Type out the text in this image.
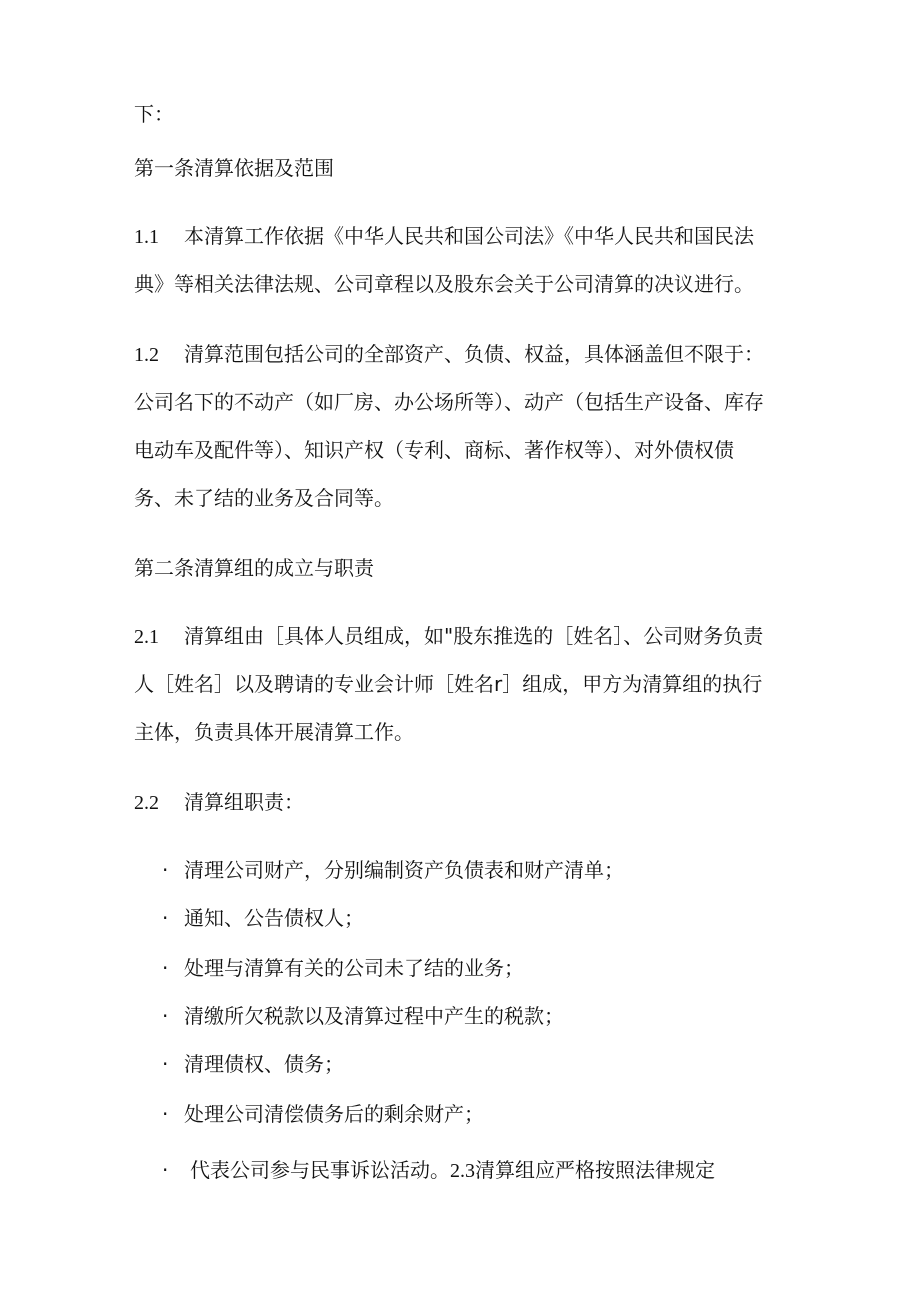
下：
第一条清算依据及范围
1.1 本清算工作依据《中华人民共和国公司法》《中华人民共和国民法
典》等相关法律法规、公司章程以及股东会关于公司清算的决议进行。
1.2 清算范围包括公司的全部资产、负债、权益，具体涵盖但不限于：
公司名下的不动产（如厂房、办公场所等）、动产（包括生产设备、库存
电动车及配件等）、知识产权（专利、商标、著作权等）、对外债权债
务、未了结的业务及合同等。
第二条清算组的成立与职责
2.1 清算组由［具体人员组成，如"股东推选的［姓名］、公司财务负责
人［姓名］以及聘请的专业会计师［姓名r］组成，甲方为清算组的执行
主体，负责具体开展清算工作。
2.2 清算组职责：
· 清理公司财产，分别编制资产负债表和财产清单；
· 通知、公告债权人；
· 处理与清算有关的公司未了结的业务；
· 清缴所欠税款以及清算过程中产生的税款；
· 清理债权、债务；
· 处理公司清偿债务后的剩余财产；
· 代表公司参与民事诉讼活动。2.3清算组应严格按照法律规定
